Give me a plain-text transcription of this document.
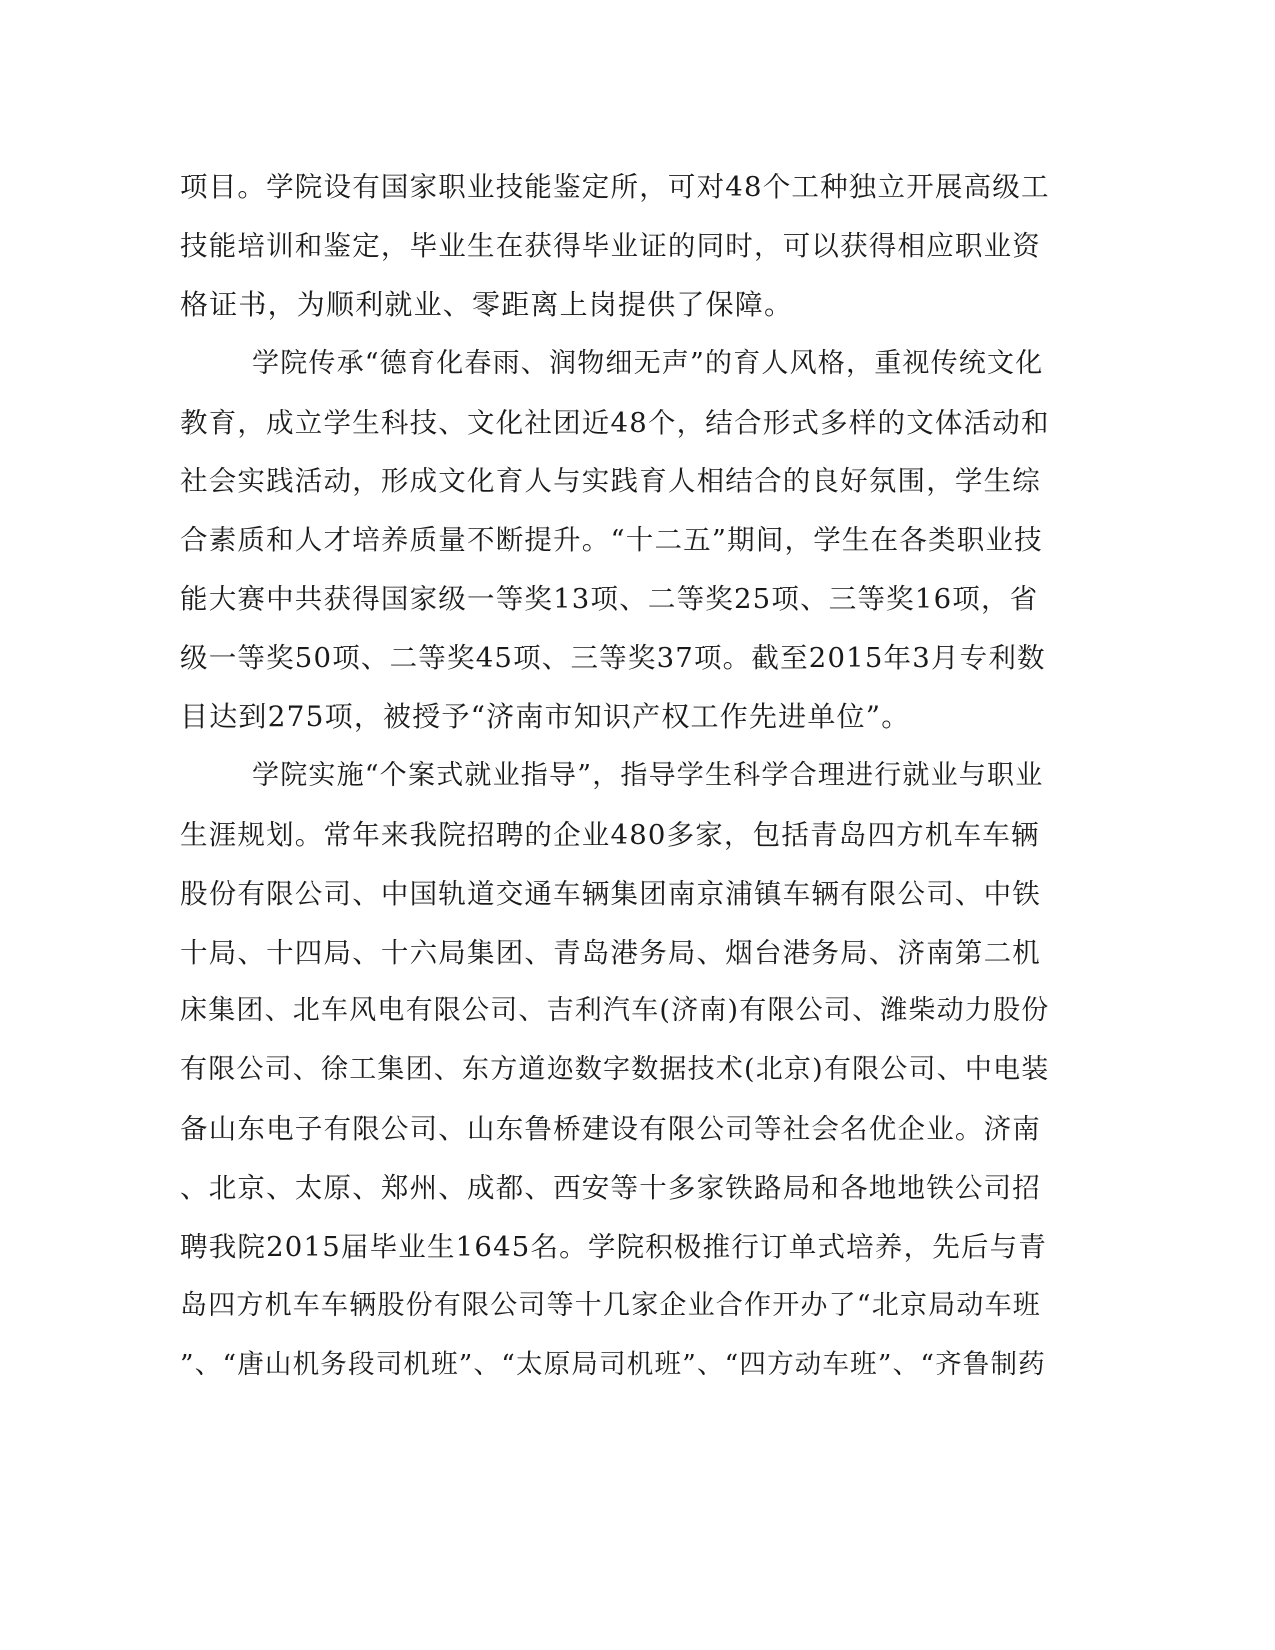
项目。学院设有国家职业技能鉴定所，可对48个工种独立开展高级工
技能培训和鉴定，毕业生在获得毕业证的同时，可以获得相应职业资
格证书，为顺利就业、零距离上岗提供了保障。
学院传承“德育化春雨、润物细无声”的育人风格，重视传统文化
教育，成立学生科技、文化社团近48个，结合形式多样的文体活动和
社会实践活动，形成文化育人与实践育人相结合的良好氛围，学生综
合素质和人才培养质量不断提升。“十二五”期间，学生在各类职业技
能大赛中共获得国家级一等奖13项、二等奖25项、三等奖16项，省
级一等奖50项、二等奖45项、三等奖37项。截至2015年3月专利数
目达到275项，被授予“济南市知识产权工作先进单位”。
学院实施“个案式就业指导”，指导学生科学合理进行就业与职业
生涯规划。常年来我院招聘的企业480多家，包括青岛四方机车车辆
股份有限公司、中国轨道交通车辆集团南京浦镇车辆有限公司、中铁
十局、十四局、十六局集团、青岛港务局、烟台港务局、济南第二机
床集团、北车风电有限公司、吉利汽车(济南)有限公司、潍柴动力股份
有限公司、徐工集团、东方道迩数字数据技术(北京)有限公司、中电装
备山东电子有限公司、山东鲁桥建设有限公司等社会名优企业。济南
、北京、太原、郑州、成都、西安等十多家铁路局和各地地铁公司招
聘我院2015届毕业生1645名。学院积极推行订单式培养，先后与青
岛四方机车车辆股份有限公司等十几家企业合作开办了“北京局动车班
”、“唐山机务段司机班”、“太原局司机班”、“四方动车班”、“齐鲁制药
